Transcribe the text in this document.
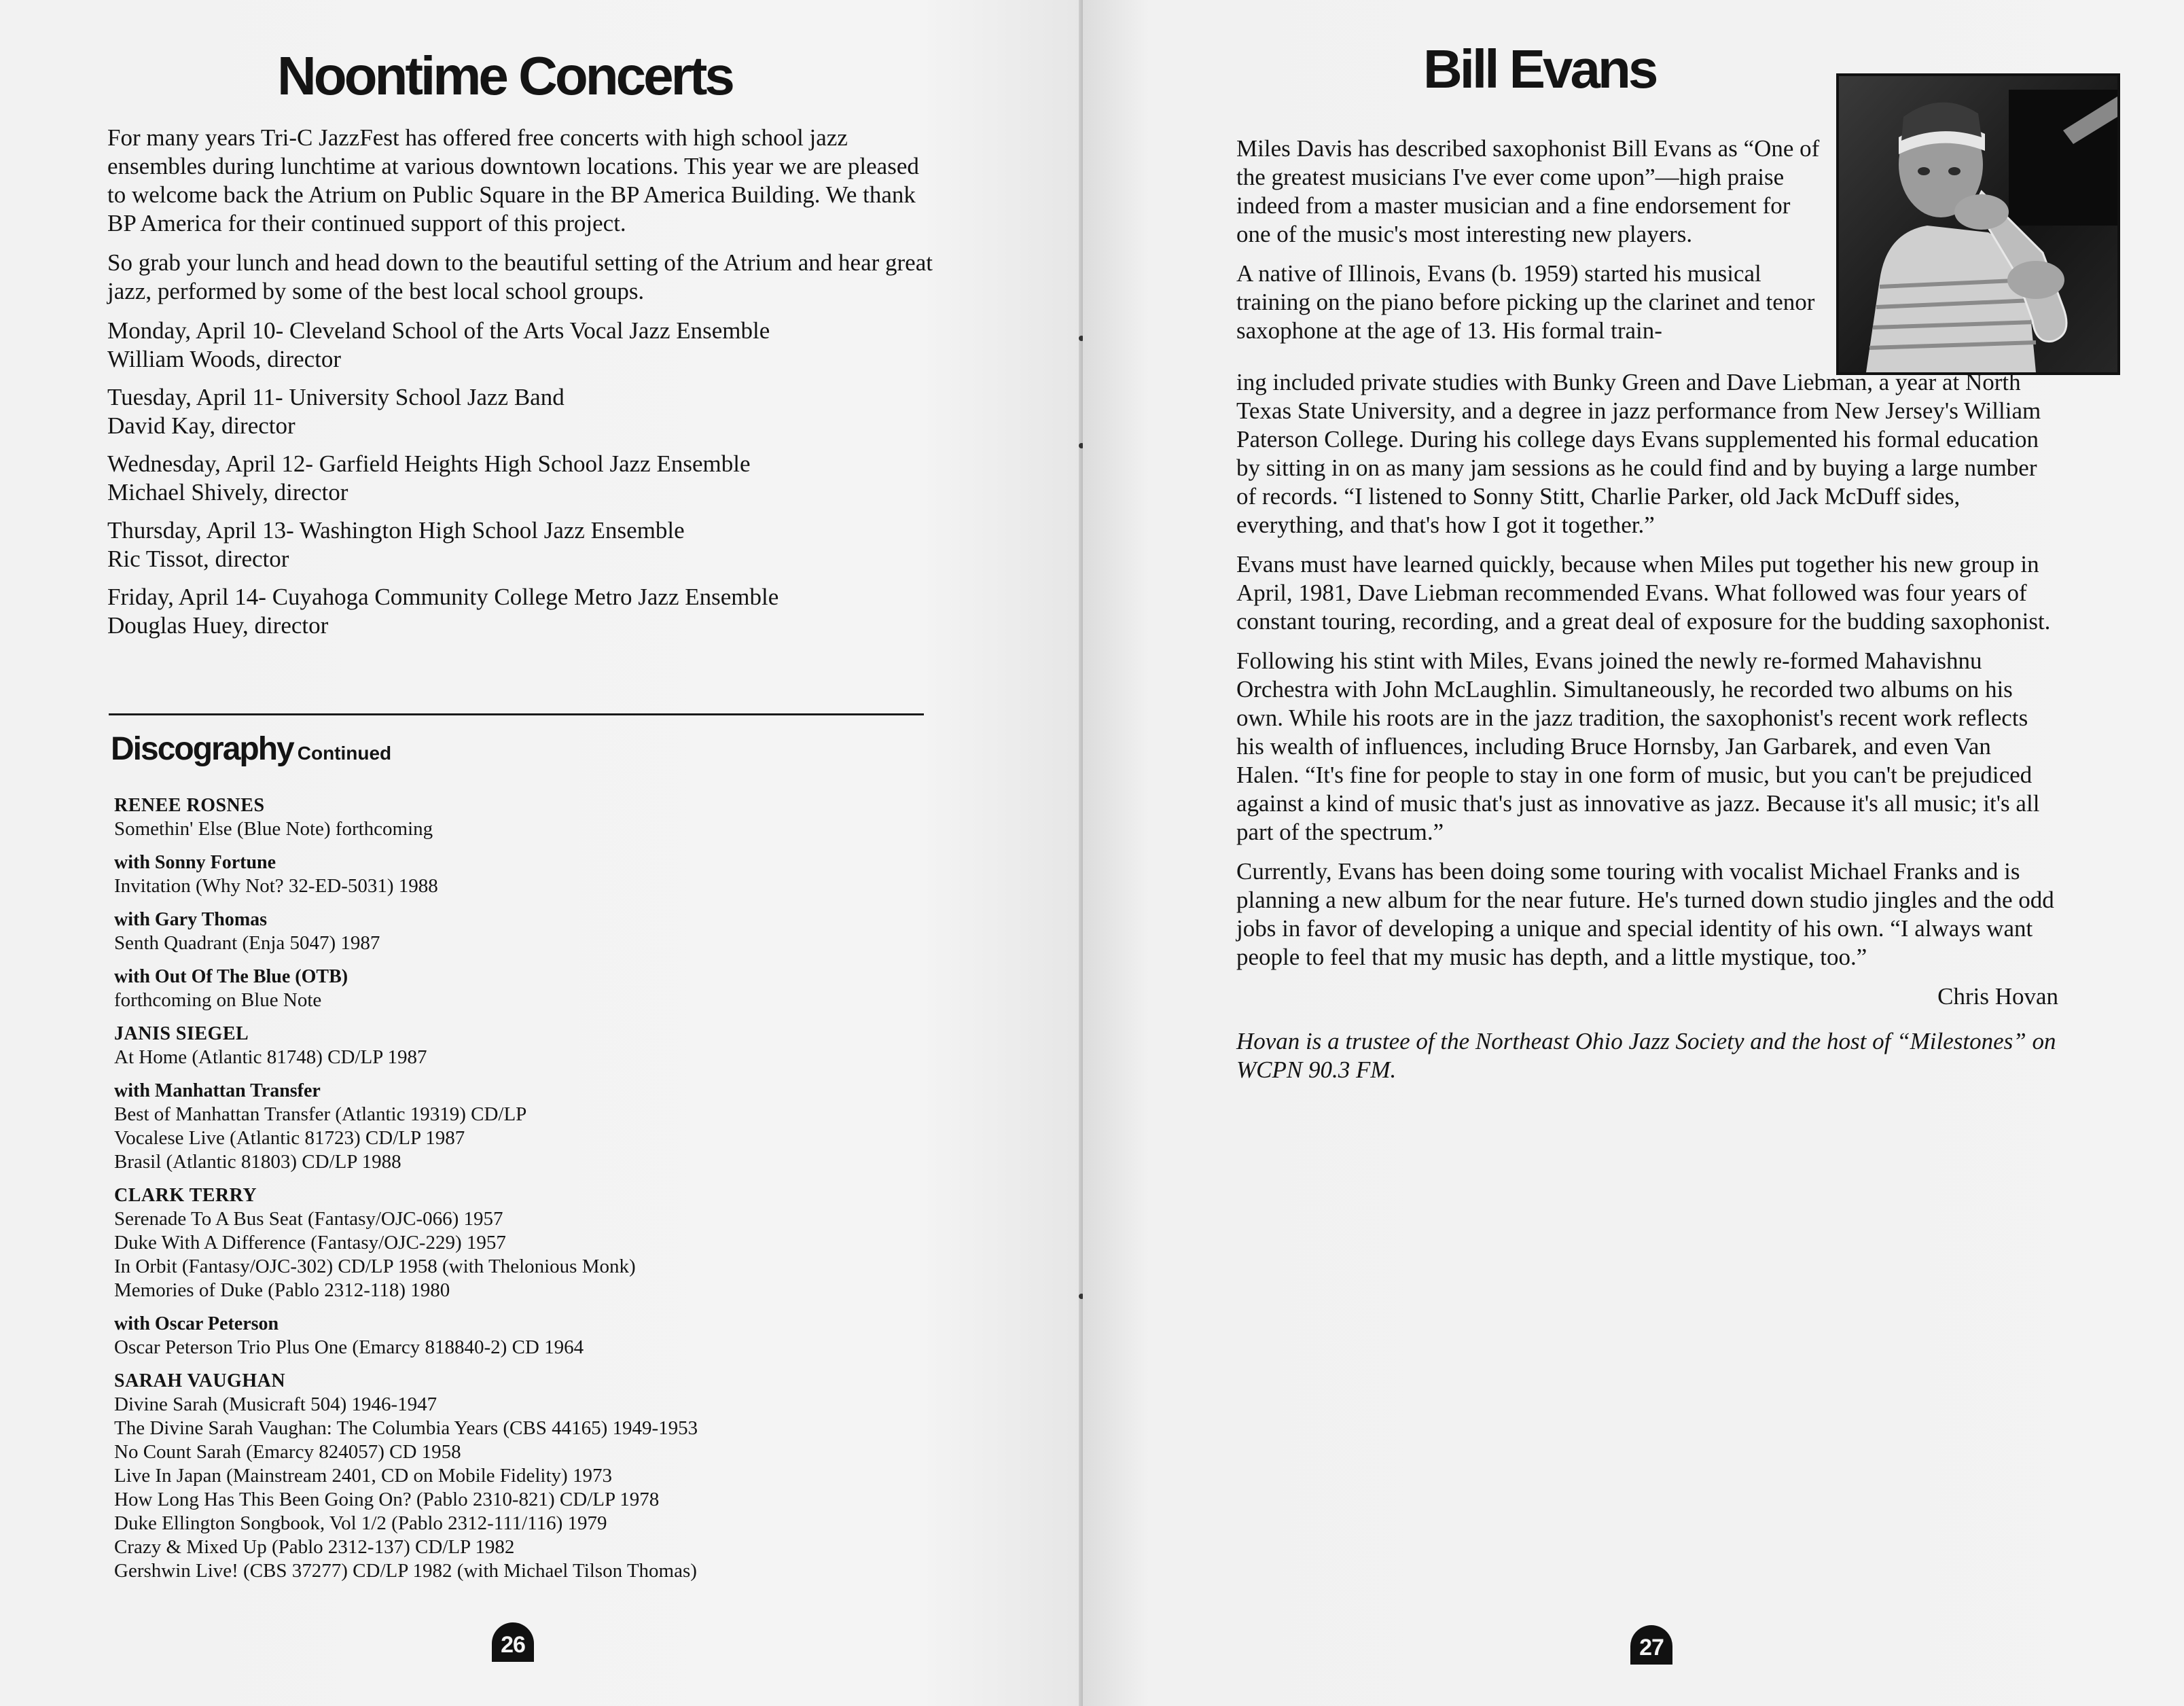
Noontime Concerts

For many years Tri-C JazzFest has offered free concerts with high school jazz ensembles during lunchtime at various downtown locations. This year we are pleased to welcome back the Atrium on Public Square in the BP America Building. We thank BP America for their continued support of this project.

So grab your lunch and head down to the beautiful setting of the Atrium and hear great jazz, performed by some of the best local school groups.

Monday, April 10- Cleveland School of the Arts Vocal Jazz Ensemble
William Woods, director
Tuesday, April 11- University School Jazz Band
David Kay, director
Wednesday, April 12- Garfield Heights High School Jazz Ensemble
Michael Shively, director
Thursday, April 13- Washington High School Jazz Ensemble
Ric Tissot, director
Friday, April 14- Cuyahoga Community College Metro Jazz Ensemble
Douglas Huey, director
Discography Continued
RENEE ROSNES
Somethin' Else (Blue Note) forthcoming
with Sonny Fortune
Invitation (Why Not? 32-ED-5031) 1988
with Gary Thomas
Senth Quadrant (Enja 5047) 1987
with Out Of The Blue (OTB)
forthcoming on Blue Note
JANIS SIEGEL
At Home (Atlantic 81748) CD/LP 1987
with Manhattan Transfer
Best of Manhattan Transfer (Atlantic 19319) CD/LP
Vocalese Live (Atlantic 81723) CD/LP 1987
Brasil (Atlantic 81803) CD/LP 1988
CLARK TERRY
Serenade To A Bus Seat (Fantasy/OJC-066) 1957
Duke With A Difference (Fantasy/OJC-229) 1957
In Orbit (Fantasy/OJC-302) CD/LP 1958 (with Thelonious Monk)
Memories of Duke (Pablo 2312-118) 1980
with Oscar Peterson
Oscar Peterson Trio Plus One (Emarcy 818840-2) CD 1964
SARAH VAUGHAN
Divine Sarah (Musicraft 504) 1946-1947
The Divine Sarah Vaughan: The Columbia Years (CBS 44165) 1949-1953
No Count Sarah (Emarcy 824057) CD 1958
Live In Japan (Mainstream 2401, CD on Mobile Fidelity) 1973
How Long Has This Been Going On? (Pablo 2310-821) CD/LP 1978
Duke Ellington Songbook, Vol 1/2 (Pablo 2312-111/116) 1979
Crazy & Mixed Up (Pablo 2312-137) CD/LP 1982
Gershwin Live! (CBS 37277) CD/LP 1982 (with Michael Tilson Thomas)
26
Bill Evans

Miles Davis has described saxophonist Bill Evans as “One of the greatest musicians I've ever come upon”—high praise indeed from a master musician and a fine endorsement for one of the music's most interesting new players.

A native of Illinois, Evans (b. 1959) started his musical training on the piano before picking up the clarinet and tenor saxophone at the age of 13. His formal train-

ing included private studies with Bunky Green and Dave Liebman, a year at North Texas State University, and a degree in jazz performance from New Jersey's William Paterson College. During his college days Evans supplemented his formal education by sitting in on as many jam sessions as he could find and by buying a large number of records. “I listened to Sonny Stitt, Charlie Parker, old Jack McDuff sides, everything, and that's how I got it together.”

Evans must have learned quickly, because when Miles put together his new group in April, 1981, Dave Liebman recommended Evans. What followed was four years of constant touring, recording, and a great deal of exposure for the budding saxophonist.

Following his stint with Miles, Evans joined the newly re-formed Mahavishnu Orchestra with John McLaughlin. Simultaneously, he recorded two albums on his own. While his roots are in the jazz tradition, the saxophonist's recent work reflects his wealth of influences, including Bruce Hornsby, Jan Garbarek, and even Van Halen. “It's fine for people to stay in one form of music, but you can't be prejudiced against a kind of music that's just as innovative as jazz. Because it's all music; it's all part of the spectrum.”

Currently, Evans has been doing some touring with vocalist Michael Franks and is planning a new album for the near future. He's turned down studio jingles and the odd jobs in favor of developing a unique and special identity of his own. “I always want people to feel that my music has depth, and a little mystique, too.”

Chris Hovan

Hovan is a trustee of the Northeast Ohio Jazz Society and the host of “Milestones” on WCPN 90.3 FM.

27
